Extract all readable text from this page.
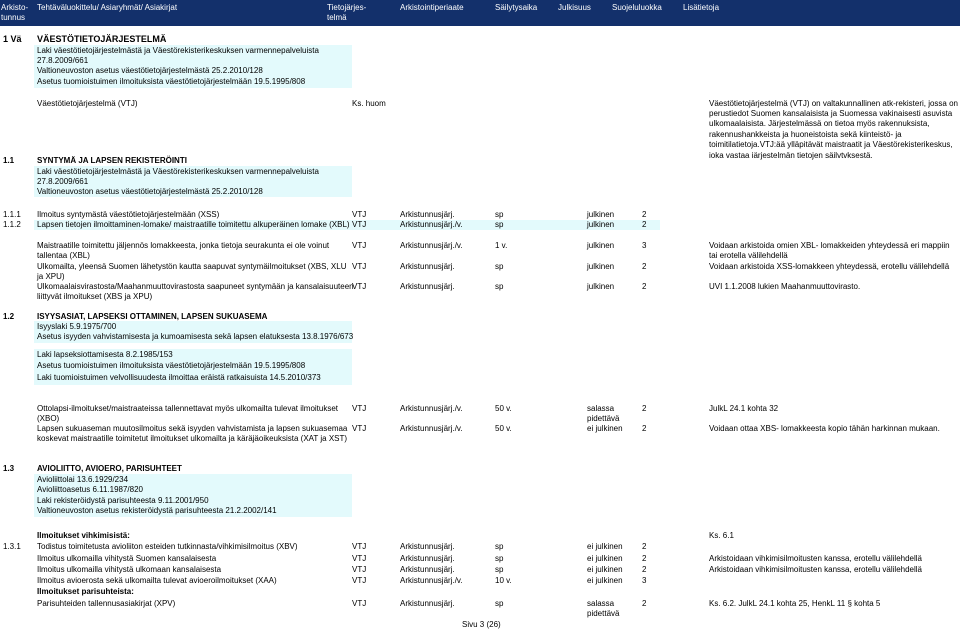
Arkisto-
tunnus
Tehtäväluokittelu/ Asiaryhmät/ Asiakirjat	Tietojärjes-
telmä
Arkistointiperiaate	Säilytysaika	Julkisuus	Suojeluluokka	Lisätietoja
1 Vä VÄESTÖTIETOJÄRJESTELMÄ
Laki väestötietojärjestelmästä ja Väestörekisterikeskuksen varmennepalveluista
27.8.2009/661
Valtioneuvoston asetus väestötietojärjestelmästä 25.2.2010/128
Asetus tuomioistuimen ilmoituksista väestötietojärjestelmään 19.5.1995/808
Väestötietojärjestelmä (VTJ)	Ks. huom	Väestötietojärjestelmä (VTJ) on valtakunnallinen atk-rekisteri, jossa on
perustiedot Suomen kansalaisista ja Suomessa vakinaisesti asuvista
ulkomaalaisista. Järjestelmässä on tietoa myös rakennuksista,
rakennushankkeista ja huoneistoista sekä kiinteistö- ja
toimitilatietoja.VTJ:ää ylläpitävät maistraatit ja Väestörekisterikeskus,
ioka vastaa iärjestelmän tietojen säilvtvksestä.
1.1	SYNTYMÄ JA LAPSEN REKISTERÖINTI
Laki väestötietojärjestelmästä ja Väestörekisterikeskuksen varmennepalveluista
27.8.2009/661
Valtioneuvoston asetus väestötietojärjestelmästä 25.2.2010/128
1.1.1 Ilmoitus syntymästä väestötietojärjestelmään (XSS)	VTJ	Arkistunnusjärj.	sp	julkinen	2
1.1.2 Lapsen tietojen ilmoittaminen-lomake/ maistraatille toimitettu alkuperäinen lomake (XBL) VTJ	Arkistunnusjärj./v.	sp	julkinen	2
Maistraatille toimitettu jäljennös lomakkeesta, jonka tietoja seurakunta ei ole voinut
tallentaa (XBL)
VTJ	Arkistunnusjärj./v.	1 v.	julkinen	3	Voidaan arkistoida omien XBL- lomakkeiden yhteydessä eri mappiin
tai erotella välilehdellä
Ulkomailta, yleensä Suomen lähetystön kautta saapuvat syntymäilmoitukset (XBS, XLU
ja XPU)
VTJ	Arkistunnusjärj.	sp	julkinen	2	Voidaan arkistoida XSS-lomakkeen yhteydessä, erotellu välilehdellä
Ulkomaalaisvirastosta/Maahanmuuttovirastosta saapuneet syntymään ja kansalaisuuteen
liittyvät ilmoitukset (XBS ja XPU)
VTJ	Arkistunnusjärj.	sp	julkinen	2	UVI 1.1.2008 lukien Maahanmuuttovirasto.
1.2	ISYYSASIAT, LAPSEKSI OTTAMINEN, LAPSEN SUKUASEMA
Isyyslaki 5.9.1975/700
Asetus isyyden vahvistamisesta ja kumoamisesta sekä lapsen elatuksesta 13.8.1976/673
Laki lapseksiottamisesta 8.2.1985/153
Asetus tuomioistuimen ilmoituksista väestötietojärjestelmään 19.5.1995/808
Laki tuomioistuimen velvollisuudesta ilmoittaa eräistä ratkaisuista 14.5.2010/373
Ottolapsi-ilmoitukset/maistraateissa tallennettavat myös ulkomailta tulevat ilmoitukset
(XBO)
VTJ	Arkistunnusjärj./v.	50 v.	salassa
pidettävä
2	JulkL 24.1 kohta 32
Lapsen sukuaseman muutosilmoitus sekä isyyden vahvistamista ja lapsen sukuasemaa
koskevat maistraatille toimitetut ilmoitukset ulkomailta ja käräjäoikeuksista (XAT ja XST)
VTJ	Arkistunnusjärj./v.	50 v.	ei julkinen 2	Voidaan ottaa XBS- lomakkeesta kopio tähän harkinnan mukaan.
1.3	AVIOLIITTO, AVIOERO, PARISUHTEET
Avioliittolai 13.6.1929/234
Avioliittoasetus 6.11.1987/820
Laki rekisteröidystä parisuhteesta 9.11.2001/950
Valtioneuvoston asetus rekisteröidystä parisuhteesta 21.2.2002/141
Ilmoitukset vihkimisistä:	Ks. 6.1
1.3.1 Todistus toimitetusta avioliiton esteiden tutkinnasta/vihkimisilmoitus (XBV)	VTJ	Arkistunnusjärj.	sp	ei julkinen 2
Ilmoitus ulkomailla vihitystä Suomen kansalaisesta	VTJ	Arkistunnusjärj.	sp	ei julkinen 2	Arkistoidaan vihkimisilmoitusten kanssa, erotellu välilehdellä
Ilmoitus ulkomailla vihitystä ulkomaan kansalaisesta	VTJ	Arkistunnusjärj.	sp	ei julkinen 2	Arkistoidaan vihkimisilmoitusten kanssa, erotellu välilehdellä
Ilmoitus avioerosta sekä ulkomailta tulevat avioeroilmoitukset (XAA)	VTJ	Arkistunnusjärj./v.	10 v.	ei julkinen 3
Ilmoitukset parisuhteista:
Parisuhteiden tallennusasiakirjat (XPV)	VTJ	Arkistunnusjärj.	sp	salassa
pidettävä
2	Ks. 6.2. JulkL 24.1 kohta 25, HenkL 11 § kohta 5
Sivu 3 (26)
